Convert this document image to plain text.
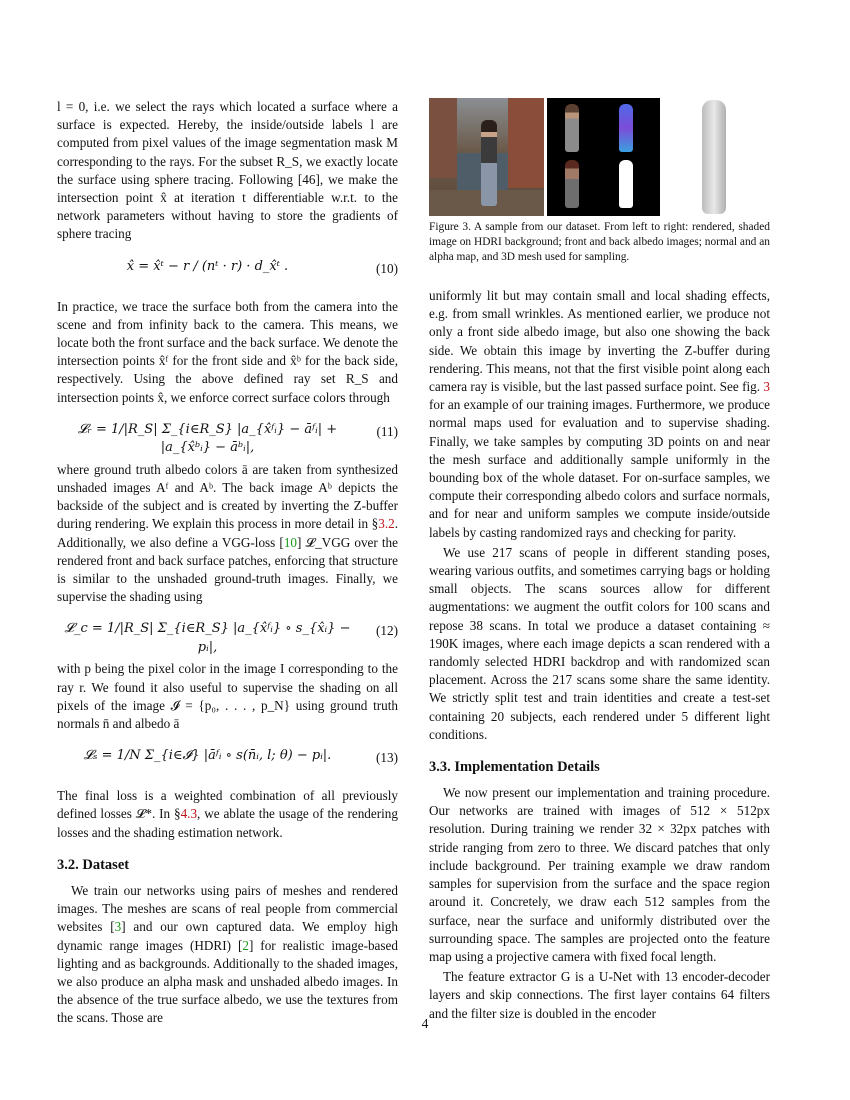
l = 0, i.e. we select the rays which located a surface where a surface is expected. Hereby, the inside/outside labels l are computed from pixel values of the image segmentation mask M corresponding to the rays. For the subset R_S, we exactly locate the surface using sphere tracing. Following [46], we make the intersection point x̂ at iteration t differentiable w.r.t. to the network parameters without having to store the gradients of sphere tracing

x̂ = x̂ᵗ − r / (nᵗ · r) · d_x̂ᵗ .	(10)

In practice, we trace the surface both from the camera into the scene and from infinity back to the camera. This means, we locate both the front surface and the back surface. We denote the intersection points x̂ᶠ for the front side and x̂ᵇ for the back side, respectively. Using the above defined ray set R_S and intersection points x̂, we enforce correct surface colors through

𝓛ᵣ = 1/|R_S| Σ_{i∈R_S} |a_{x̂ᶠᵢ} − āᶠᵢ| + |a_{x̂ᵇᵢ} − āᵇᵢ|,
(11)

where ground truth albedo colors ā are taken from synthesized unshaded images Aᶠ and Aᵇ. The back image Aᵇ depicts the backside of the subject and is created by inverting the Z-buffer during rendering. We explain this process in more detail in §3.2. Additionally, we also define a VGG-loss [10] 𝓛_VGG over the rendered front and back surface patches, enforcing that structure is similar to the unshaded ground-truth images. Finally, we supervise the shading using

𝓛_c = 1/|R_S| Σ_{i∈R_S} |a_{x̂ᶠᵢ} ∘ s_{x̂ᵢ} − pᵢ|,
(12)

with p being the pixel color in the image I corresponding to the ray r. We found it also useful to supervise the shading on all pixels of the image 𝓘 = {p₀, . . . , p_N} using ground truth normals n̄ and albedo ā

𝓛ₛ = 1/N Σ_{i∈𝓘} |āᶠᵢ ∘ s(n̄ᵢ, l; θ) − pᵢ|.	(13)

The final loss is a weighted combination of all previously defined losses 𝓛*. In §4.3, we ablate the usage of the rendering losses and the shading estimation network.

3.2. Dataset

We train our networks using pairs of meshes and rendered images. The meshes are scans of real people from commercial websites [3] and our own captured data. We employ high dynamic range images (HDRI) [2] for realistic image-based lighting and as backgrounds. Additionally to the shaded images, we also produce an alpha mask and unshaded albedo images. In the absence of the true surface albedo, we use the textures from the scans. Those are

Figure 3. A sample from our dataset. From left to right: rendered, shaded image on HDRI background; front and back albedo images; normal and an alpha map, and 3D mesh used for sampling.

uniformly lit but may contain small and local shading effects, e.g. from small wrinkles. As mentioned earlier, we produce not only a front side albedo image, but also one showing the back side. We obtain this image by inverting the Z-buffer during rendering. This means, not that the first visible point along each camera ray is visible, but the last passed surface point. See fig. 3 for an example of our training images. Furthermore, we produce normal maps used for evaluation and to supervise shading. Finally, we take samples by computing 3D points on and near the mesh surface and additionally sample uniformly in the bounding box of the whole dataset. For on-surface samples, we compute their corresponding albedo colors and surface normals, and for near and uniform samples we compute inside/outside labels by casting randomized rays and checking for parity.

We use 217 scans of people in different standing poses, wearing various outfits, and sometimes carrying bags or holding small objects. The scans sources allow for different augmentations: we augment the outfit colors for 100 scans and repose 38 scans. In total we produce a dataset containing ≈ 190K images, where each image depicts a scan rendered with a randomly selected HDRI backdrop and with randomized scan placement. Across the 217 scans some share the same identity. We strictly split test and train identities and create a test-set containing 20 subjects, each rendered under 5 different light conditions.

3.3. Implementation Details

We now present our implementation and training procedure. Our networks are trained with images of 512 × 512px resolution. During training we render 32 × 32px patches with stride ranging from zero to three. We discard patches that only include background. Per training example we draw random samples for supervision from the surface and the space region around it. Concretely, we draw each 512 samples from the surface, near the surface and uniformly distributed over the surrounding space. The samples are projected onto the feature map using a projective camera with fixed focal length.

The feature extractor G is a U-Net with 13 encoder-decoder layers and skip connections. The first layer contains 64 filters and the filter size is doubled in the encoder

4
